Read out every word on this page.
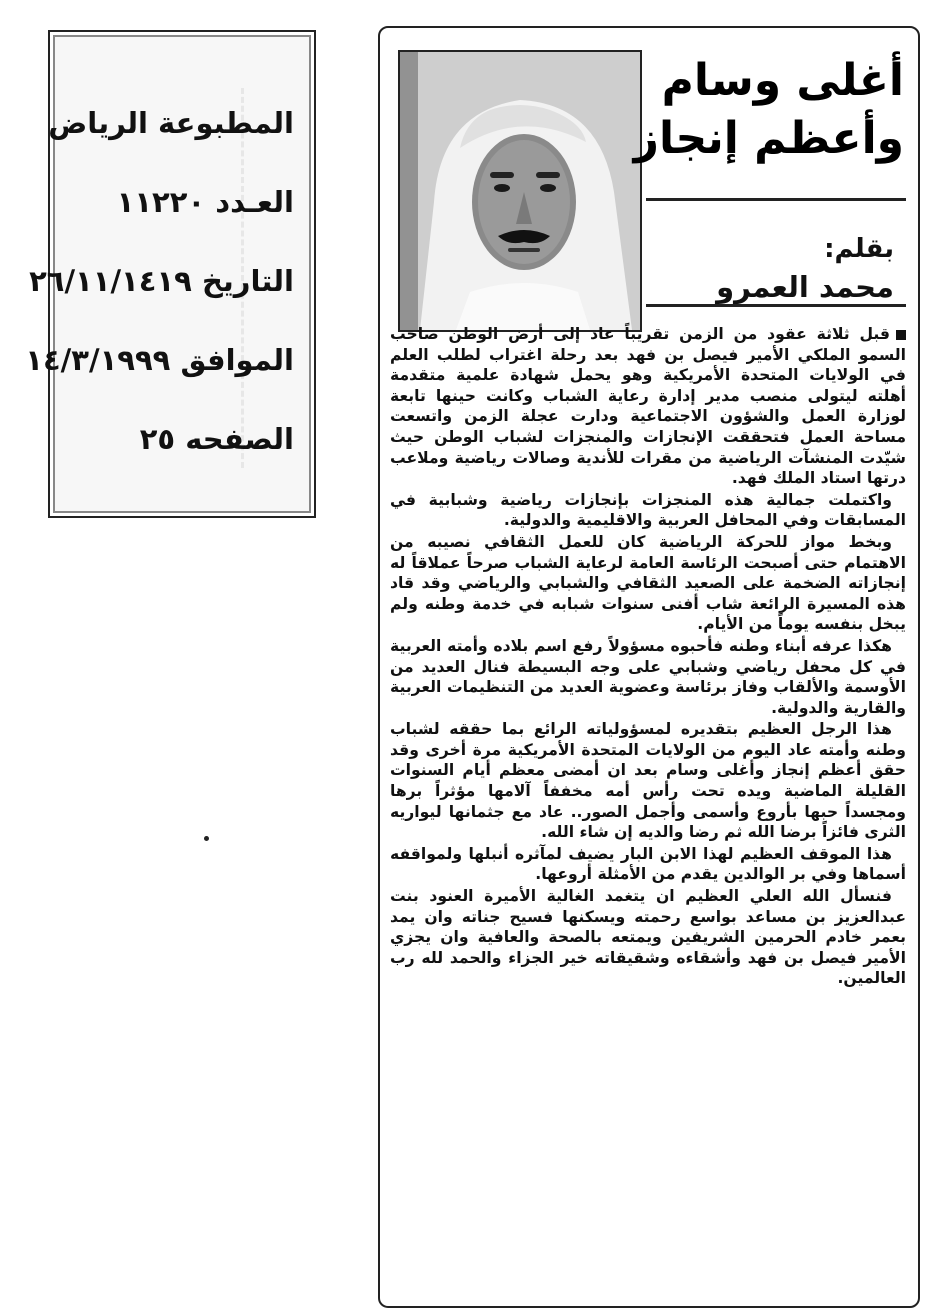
المطبوعة الرياض
العـدد ١١٢٢٠
التاريخ ٢٦/١١/١٤١٩
الموافق ١٤/٣/١٩٩٩
الصفحه ٢٥
أغلى وسام
وأعظم إنجاز
بقلم:
محمد العمرو

قبل ثلاثة عقود من الزمن تقريباً عاد إلى أرض الوطن صاحب السمو الملكي الأمير فيصل بن فهد بعد رحلة اغتراب لطلب العلم في الولايات المتحدة الأمريكية وهو يحمل شهادة علمية متقدمة أهلته ليتولى منصب مدير إدارة رعاية الشباب وكانت حينها تابعة لوزارة العمل والشؤون الاجتماعية ودارت عجلة الزمن واتسعت مساحة العمل فتحققت الإنجازات والمنجزات لشباب الوطن حيث شيّدت المنشآت الرياضية من مقرات للأندية وصالات رياضية وملاعب درتها استاد الملك فهد.

واكتملت جمالية هذه المنجزات بإنجازات رياضية وشبابية في المسابقات وفي المحافل العربية والاقليمية والدولية.

وبخط مواز للحركة الرياضية كان للعمل الثقافي نصيبه من الاهتمام حتى أصبحت الرئاسة العامة لرعاية الشباب صرحاً عملاقاً له إنجازاته الضخمة على الصعيد الثقافي والشبابي والرياضي وقد قاد هذه المسيرة الرائعة شاب أفنى سنوات شبابه في خدمة وطنه ولم يبخل بنفسه يوماً من الأيام.

هكذا عرفه أبناء وطنه فأحبوه مسؤولاً رفع اسم بلاده وأمته العربية في كل محفل رياضي وشبابي على وجه البسيطة فنال العديد من الأوسمة والألقاب وفاز برئاسة وعضوية العديد من التنظيمات العربية والقارية والدولية.

هذا الرجل العظيم بتقديره لمسؤولياته الرائع بما حققه لشباب وطنه وأمته عاد اليوم من الولايات المتحدة الأمريكية مرة أخرى وقد حقق أعظم إنجاز وأغلى وسام بعد ان أمضى معظم أيام السنوات القليلة الماضية ويده تحت رأس أمه مخففاً آلامها مؤثراً برها ومجسداً حبها بأروع وأسمى وأجمل الصور.. عاد مع جثمانها ليواريه الثرى فائزاً برضا الله ثم رضا والديه إن شاء الله.

هذا الموقف العظيم لهذا الابن البار يضيف لمآثره أنبلها ولمواقفه أسماها وفي بر الوالدين يقدم من الأمثلة أروعها.

فنسأل الله العلي العظيم ان يتغمد الغالية الأميرة العنود بنت عبدالعزيز بن مساعد بواسع رحمته ويسكنها فسيح جناته وان يمد بعمر خادم الحرمين الشريفين ويمتعه بالصحة والعافية وان يجزي الأمير فيصل بن فهد وأشقاءه وشقيقاته خير الجزاء والحمد لله رب العالمين.
